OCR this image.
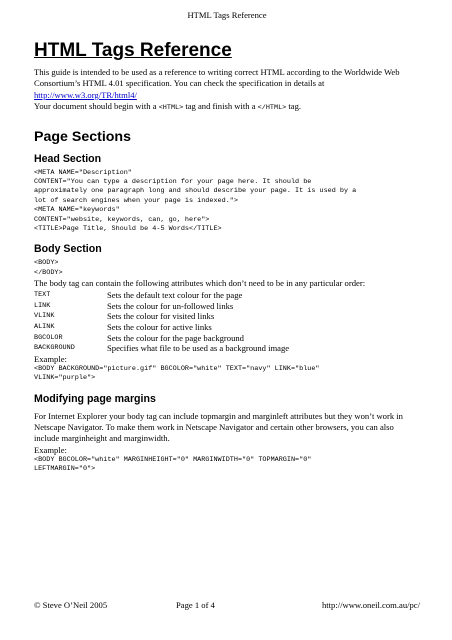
HTML Tags Reference
HTML Tags Reference

This guide is intended to be used as a reference to writing correct HTML according to the Worldwide Web Consortium’s HTML 4.01 specification. You can check the specification in details at http://www.w3.org/TR/html4/
Your document should begin with a <HTML> tag and finish with a </HTML> tag.

Page Sections
Head Section
<META NAME="Description"
CONTENT="You can type a description for your page here. It should be
approximately one paragraph long and should describe your page. It is used by a
lot of search engines when your page is indexed.">
<META NAME="keywords"
CONTENT="website, keywords, can, go, here">
<TITLE>Page Title, Should be 4-5 Words</TITLE>
Body Section
<BODY>
</BODY>

The body tag can contain the following attributes which don’t need to be in any particular order:

TEXT	Sets the default text colour for the page
LINK	Sets the colour for un-followed links
VLINK	Sets the colour for visited links
ALINK	Sets the colour for active links
BGCOLOR	Sets the colour for the page background
BACKGROUND	Specifies what file to be used as a background image

Example:

<BODY BACKGROUND="picture.gif" BGCOLOR="white" TEXT="navy" LINK="blue"
VLINK="purple">
Modifying page margins

For Internet Explorer your body tag can include topmargin and marginleft attributes but they won’t work in Netscape Navigator. To make them work in Netscape Navigator and certain other browsers, you can also include marginheight and marginwidth.

Example:

<BODY BGCOLOR="white" MARGINHEIGHT="0" MARGINWIDTH="0" TOPMARGIN="0"
LEFTMARGIN="0">
© Steve O’Neil 2005	Page 1 of 4	http://www.oneil.com.au/pc/
